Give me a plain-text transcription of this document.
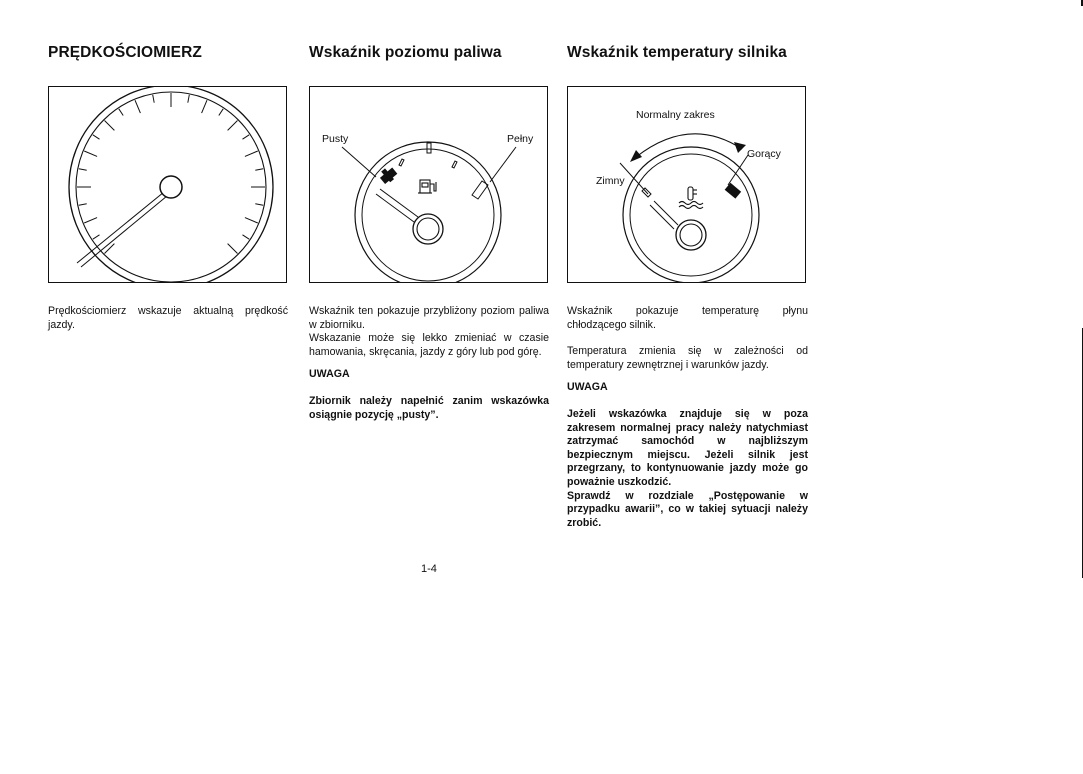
PRĘDKOŚCIOMIERZ

Prędkościomierz wskazuje aktualną prędkość jazdy.

Wskaźnik poziomu paliwa
Pusty	Pełny

Wskaźnik ten pokazuje przybliżony poziom paliwa w zbiorniku.

Wskazanie może się lekko zmieniać w czasie hamowania, skręcania, jazdy z góry lub pod górę.

UWAGA

Zbiornik należy napełnić zanim wskazówka osiągnie pozycję „pusty”.

Wskaźnik temperatury silnika
Normalny zakres
Gorący
Zimny

Wskaźnik pokazuje temperaturę płynu chłodzącego silnik.

Temperatura zmienia się w zależności od temperatury zewnętrznej i warunków jazdy.

UWAGA

Jeżeli wskazówka znajduje się w poza zakresem normalnej pracy należy natychmiast zatrzymać samochód w najbliższym bezpiecznym miejscu. Jeżeli silnik jest przegrzany, to kontynuowanie jazdy może go poważnie uszkodzić.

Sprawdź w rozdziale „Postępowanie w przypadku awarii”, co w takiej sytuacji należy zrobić.

1-4
